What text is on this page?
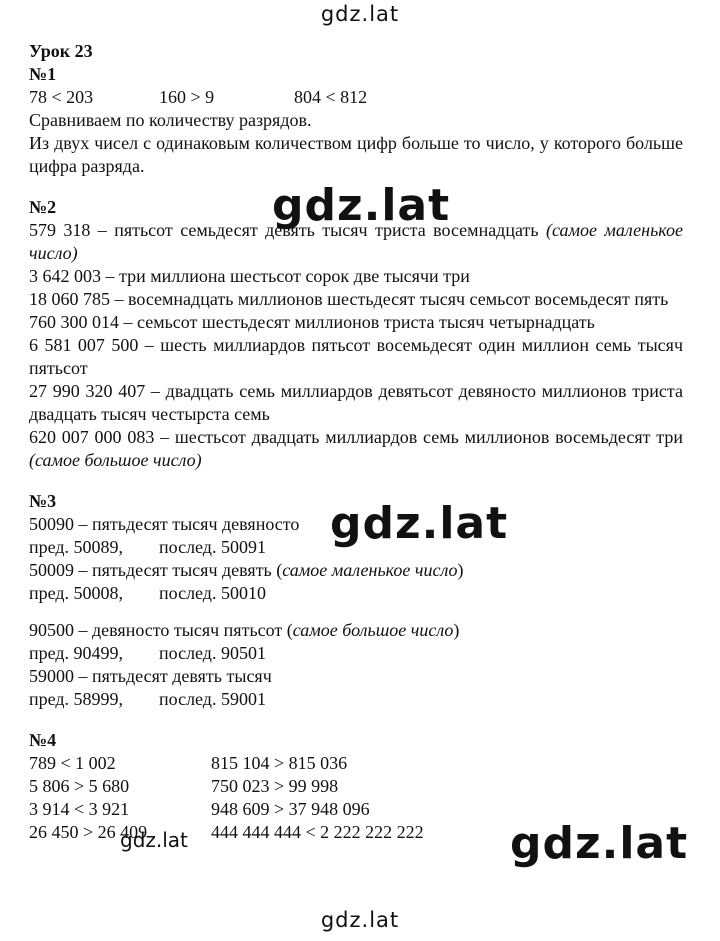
gdz.lat

Урок 23

№1

78 < 203	160 > 9	804 < 812

Сравниваем по количеству разрядов.

Из двух чисел с одинаковым количеством цифр больше то число, у которого больше цифра разряда.

№2

579 318 – пятьсот семьдесят девять тысяч триста восемнадцать (самое маленькое число)

3 642 003 – три миллиона шестьсот сорок две тысячи три

18 060 785 – восемнадцать миллионов шестьдесят тысяч семьсот восемьдесят пять

760 300 014 – семьсот шестьдесят миллионов триста тысяч четырнадцать

6 581 007 500 – шесть миллиардов пятьсот восемьдесят один миллион семь тысяч пятьсот

27 990 320 407 – двадцать семь миллиардов девятьсот девяносто миллионов триста двадцать тысяч честырста семь

620 007 000 083 – шестьсот двадцать миллиардов семь миллионов восемьдесят три (самое большое число)

№3

50090 – пятьдесят тысяч девяносто

пред. 50089, послед. 50091

50009 – пятьдесят тысяч девять (самое маленькое число)

пред. 50008, послед. 50010

90500 – девяносто тысяч пятьсот (самое большое число)

пред. 90499, послед. 90501

59000 – пятьдесят девять тысяч

пред. 58999, послед. 59001

№4

789 < 1 002	815 104 > 815 036

5 806 > 5 680	750 023 > 99 998

3 914 < 3 921	948 609 > 37 948 096

26 450 > 26 409	444 444 444 < 2 222 222 222

gdz.lat
gdz.lat
gdz.lat
gdz.lat
gdz.lat
